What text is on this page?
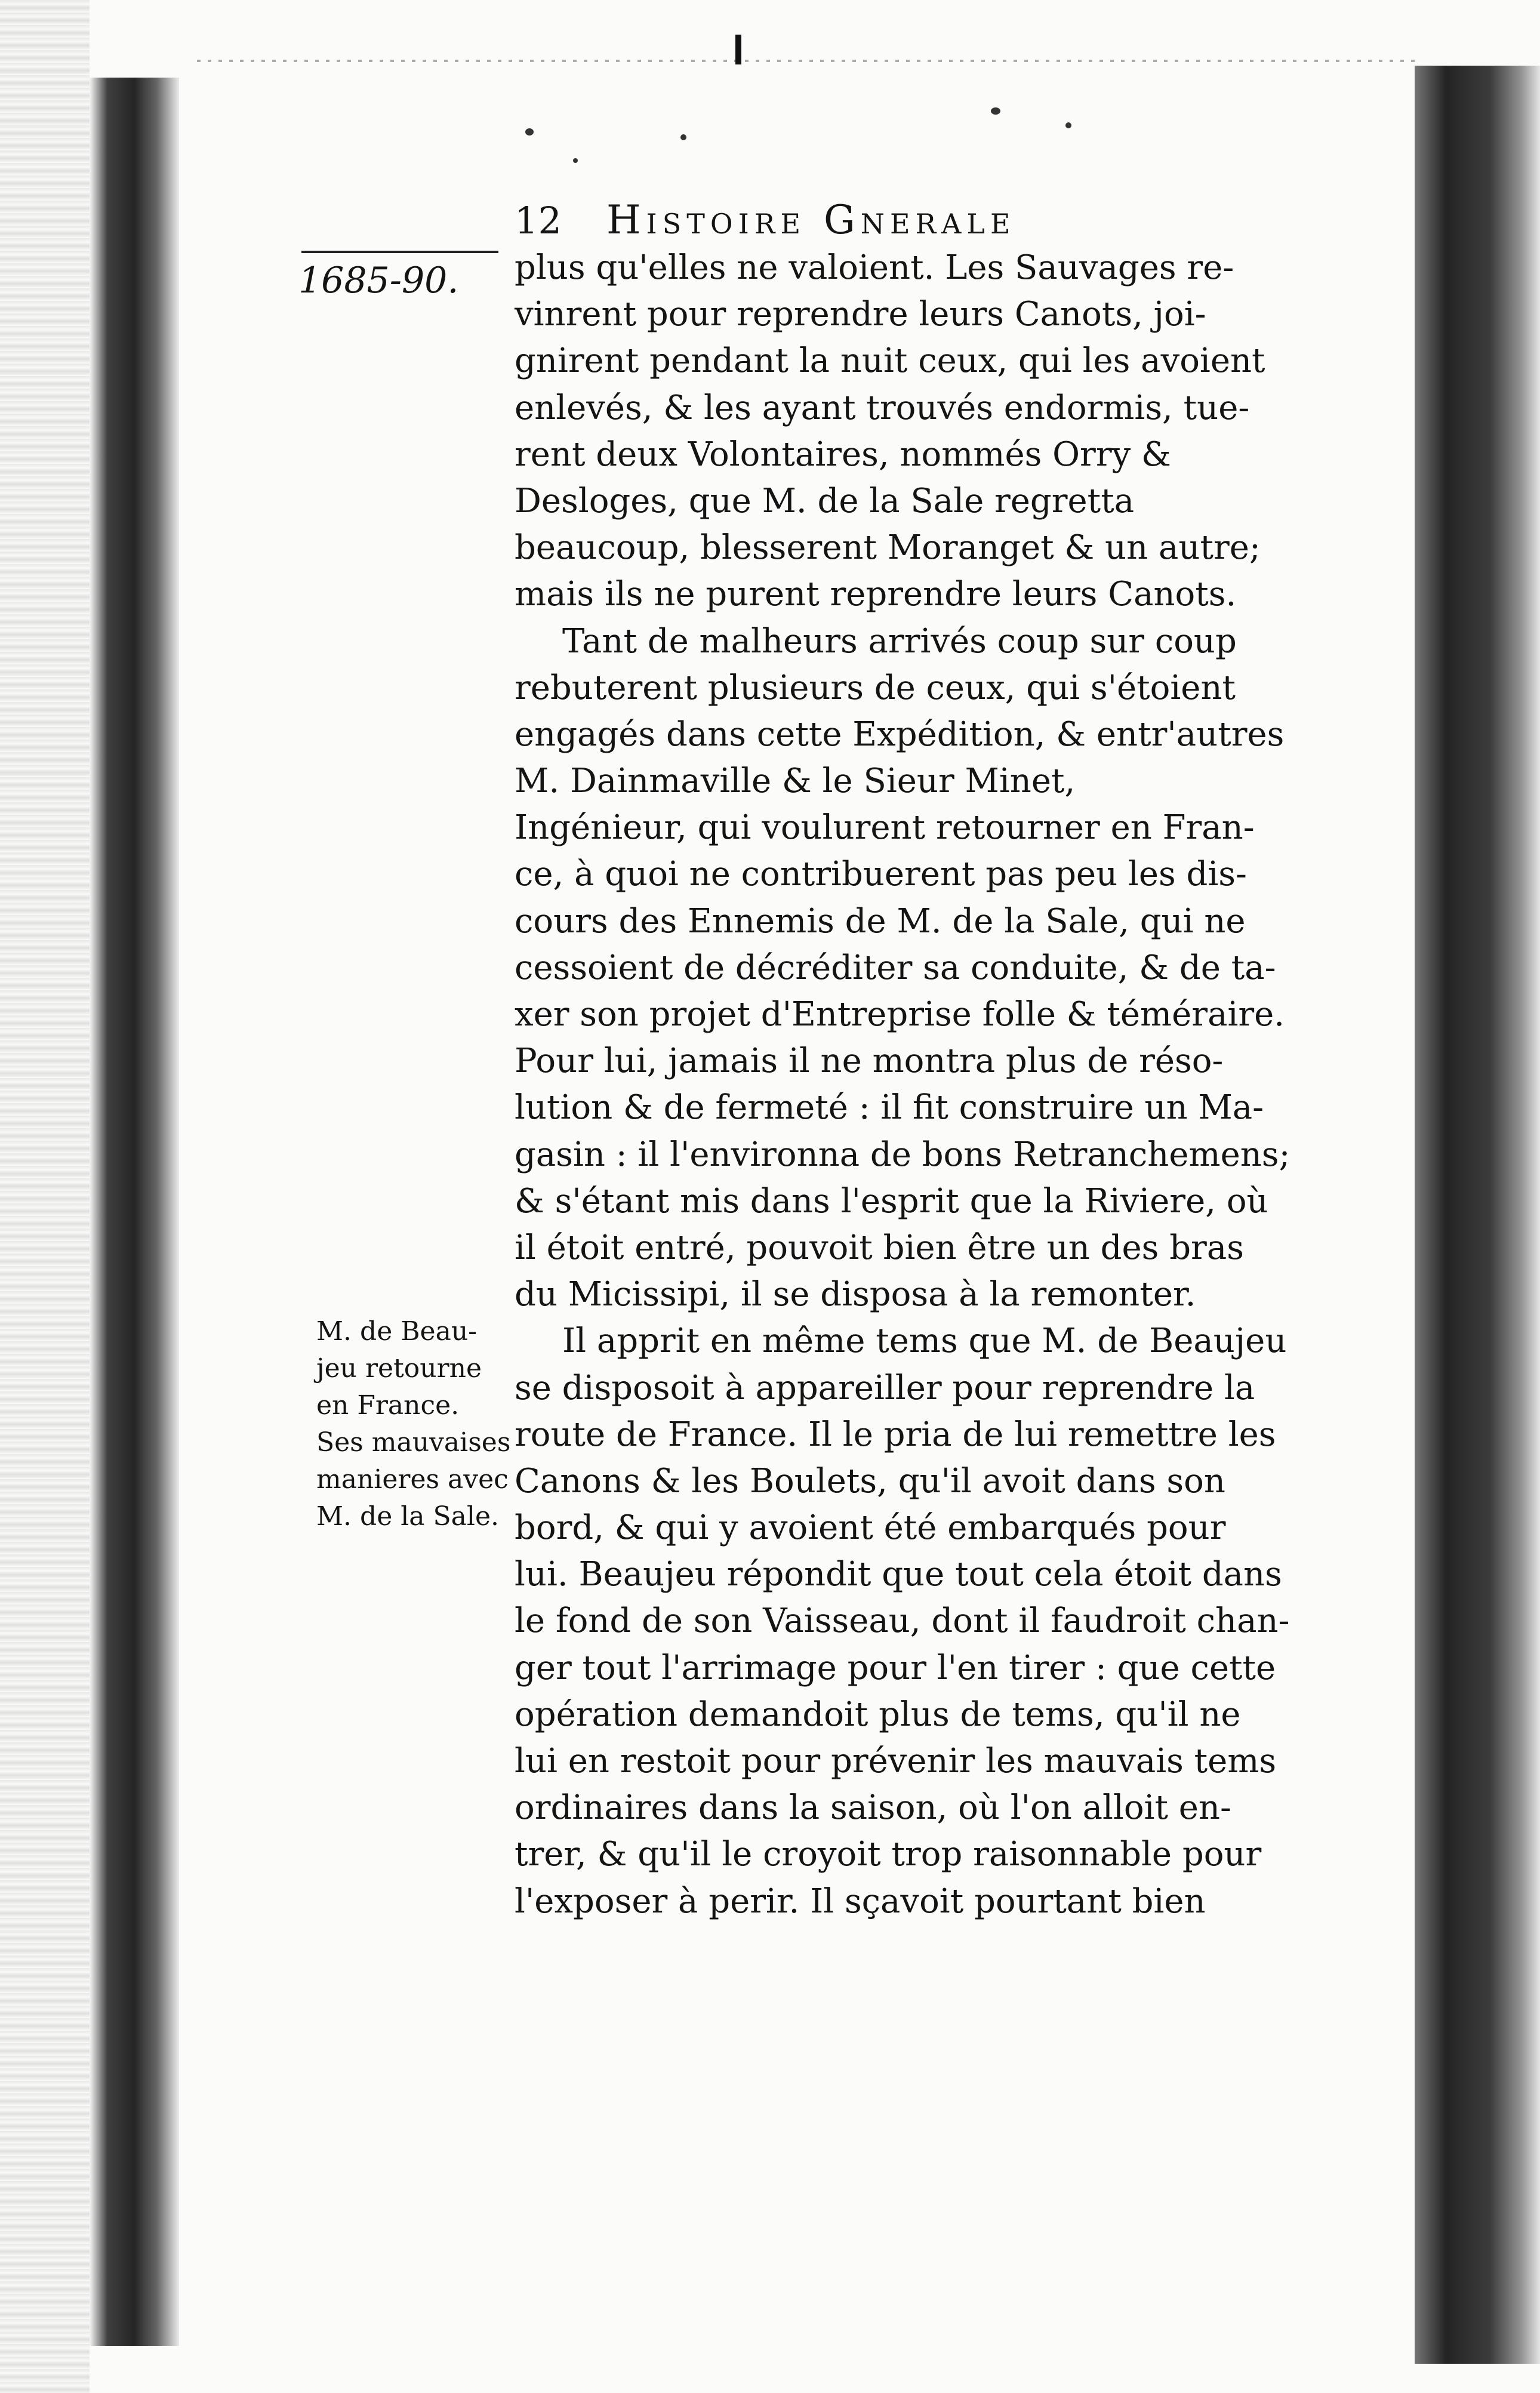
12 Histoire Gnerale
1685-90.
M. de Beau-
jeu retourne
en France.
Ses mauvaises
manieres avec
M. de la Sale.
plus qu'elles ne valoient. Les Sauvages re-
vinrent pour reprendre leurs Canots, joi-
gnirent pendant la nuit ceux, qui les avoient
enlevés, & les ayant trouvés endormis, tue-
rent deux Volontaires, nommés Orry &
Desloges, que M. de la Sale regretta
beaucoup, blesserent Moranget & un autre;
mais ils ne purent reprendre leurs Canots.
Tant de malheurs arrivés coup sur coup
rebuterent plusieurs de ceux, qui s'étoient
engagés dans cette Expédition, & entr'autres
M. Dainmaville & le Sieur Minet,
Ingénieur, qui voulurent retourner en Fran-
ce, à quoi ne contribuerent pas peu les dis-
cours des Ennemis de M. de la Sale, qui ne
cessoient de décréditer sa conduite, & de ta-
xer son projet d'Entreprise folle & téméraire.
Pour lui, jamais il ne montra plus de réso-
lution & de fermeté : il fit construire un Ma-
gasin : il l'environna de bons Retranchemens;
& s'étant mis dans l'esprit que la Riviere, où
il étoit entré, pouvoit bien être un des bras
du Micissipi, il se disposa à la remonter.
Il apprit en même tems que M. de Beaujeu
se disposoit à appareiller pour reprendre la
route de France. Il le pria de lui remettre les
Canons & les Boulets, qu'il avoit dans son
bord, & qui y avoient été embarqués pour
lui. Beaujeu répondit que tout cela étoit dans
le fond de son Vaisseau, dont il faudroit chan-
ger tout l'arrimage pour l'en tirer : que cette
opération demandoit plus de tems, qu'il ne
lui en restoit pour prévenir les mauvais tems
ordinaires dans la saison, où l'on alloit en-
trer, & qu'il le croyoit trop raisonnable pour
l'exposer à perir. Il sçavoit pourtant bien
